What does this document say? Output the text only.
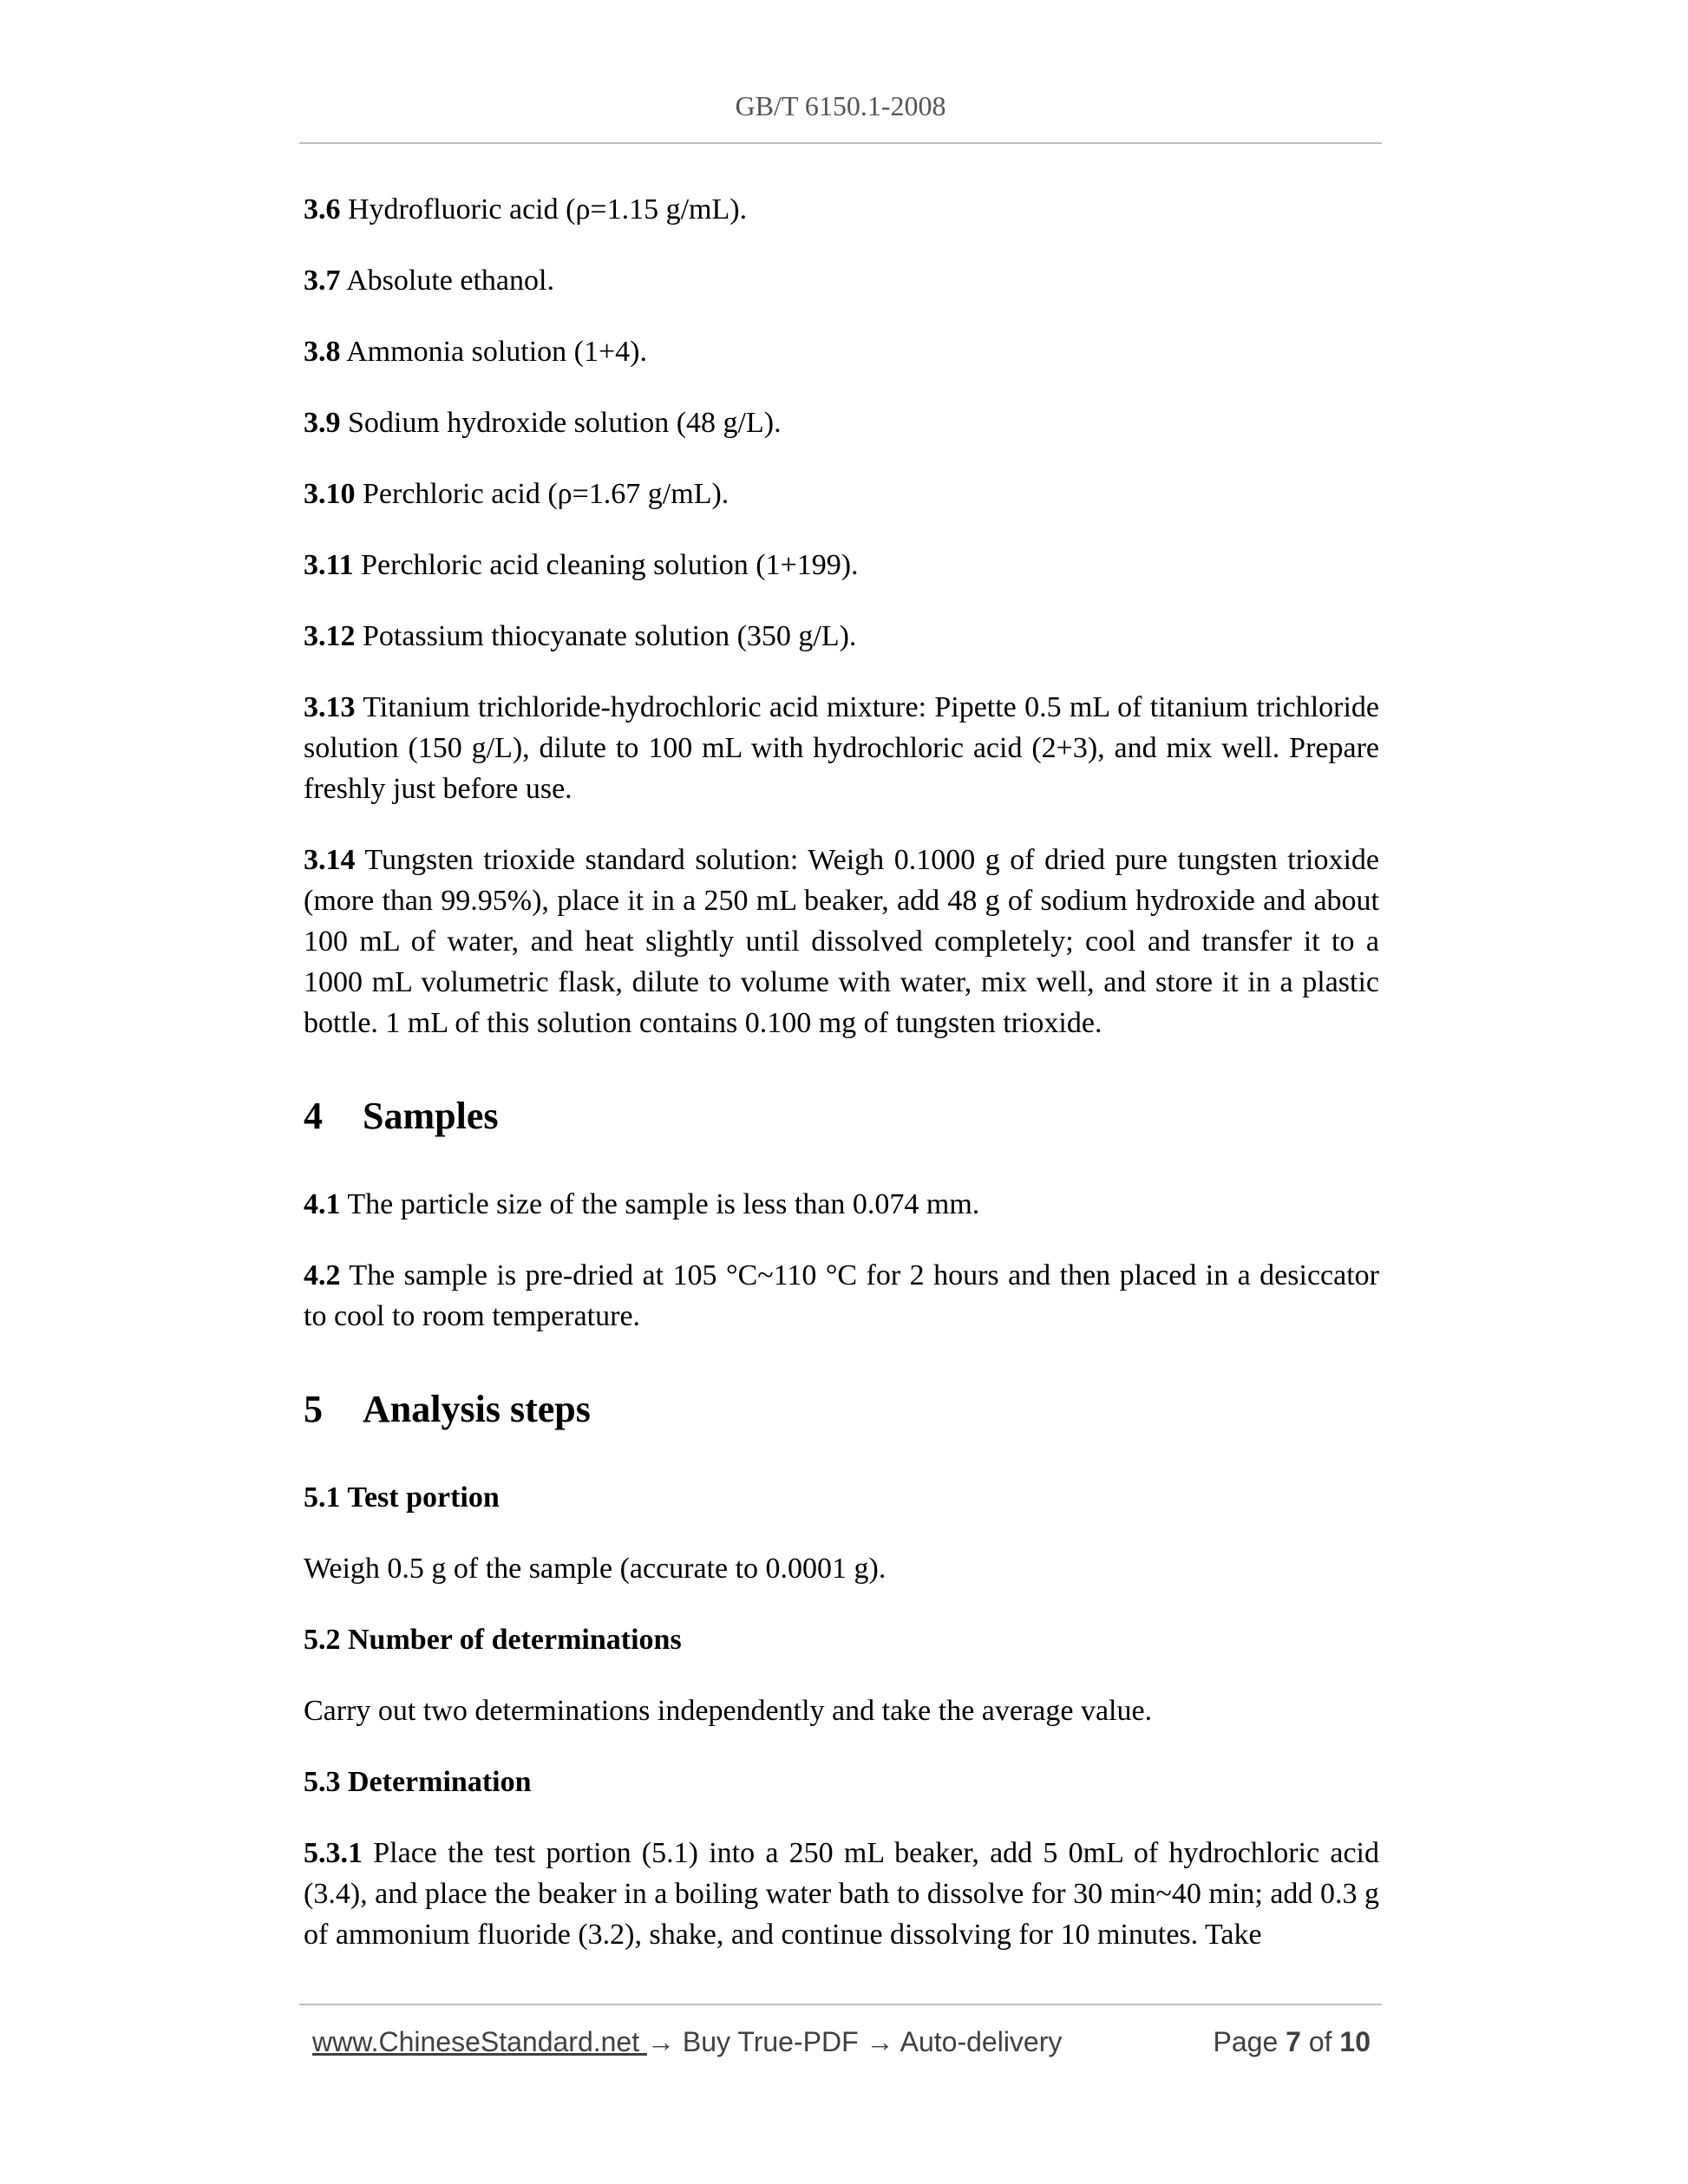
GB/T 6150.1-2008

3.6 Hydrofluoric acid (ρ=1.15 g/mL).

3.7 Absolute ethanol.

3.8 Ammonia solution (1+4).

3.9 Sodium hydroxide solution (48 g/L).

3.10 Perchloric acid (ρ=1.67 g/mL).

3.11 Perchloric acid cleaning solution (1+199).

3.12 Potassium thiocyanate solution (350 g/L).

3.13 Titanium trichloride-hydrochloric acid mixture: Pipette 0.5 mL of titanium trichloride solution (150 g/L), dilute to 100 mL with hydrochloric acid (2+3), and mix well. Prepare freshly just before use.

3.14 Tungsten trioxide standard solution: Weigh 0.1000 g of dried pure tungsten trioxide (more than 99.95%), place it in a 250 mL beaker, add 48 g of sodium hydroxide and about 100 mL of water, and heat slightly until dissolved completely; cool and transfer it to a 1000 mL volumetric flask, dilute to volume with water, mix well, and store it in a plastic bottle. 1 mL of this solution contains 0.100 mg of tungsten trioxide.

4 Samples

4.1 The particle size of the sample is less than 0.074 mm.

4.2 The sample is pre-dried at 105 °C~110 °C for 2 hours and then placed in a desiccator to cool to room temperature.

5 Analysis steps
5.1 Test portion

Weigh 0.5 g of the sample (accurate to 0.0001 g).

5.2 Number of determinations

Carry out two determinations independently and take the average value.

5.3 Determination

5.3.1 Place the test portion (5.1) into a 250 mL beaker, add 5 0mL of hydrochloric acid (3.4), and place the beaker in a boiling water bath to dissolve for 30 min~40 min; add 0.3 g of ammonium fluoride (3.2), shake, and continue dissolving for 10 minutes. Take

www.ChineseStandard.net → Buy True-PDF → Auto-delivery	Page 7 of 10
